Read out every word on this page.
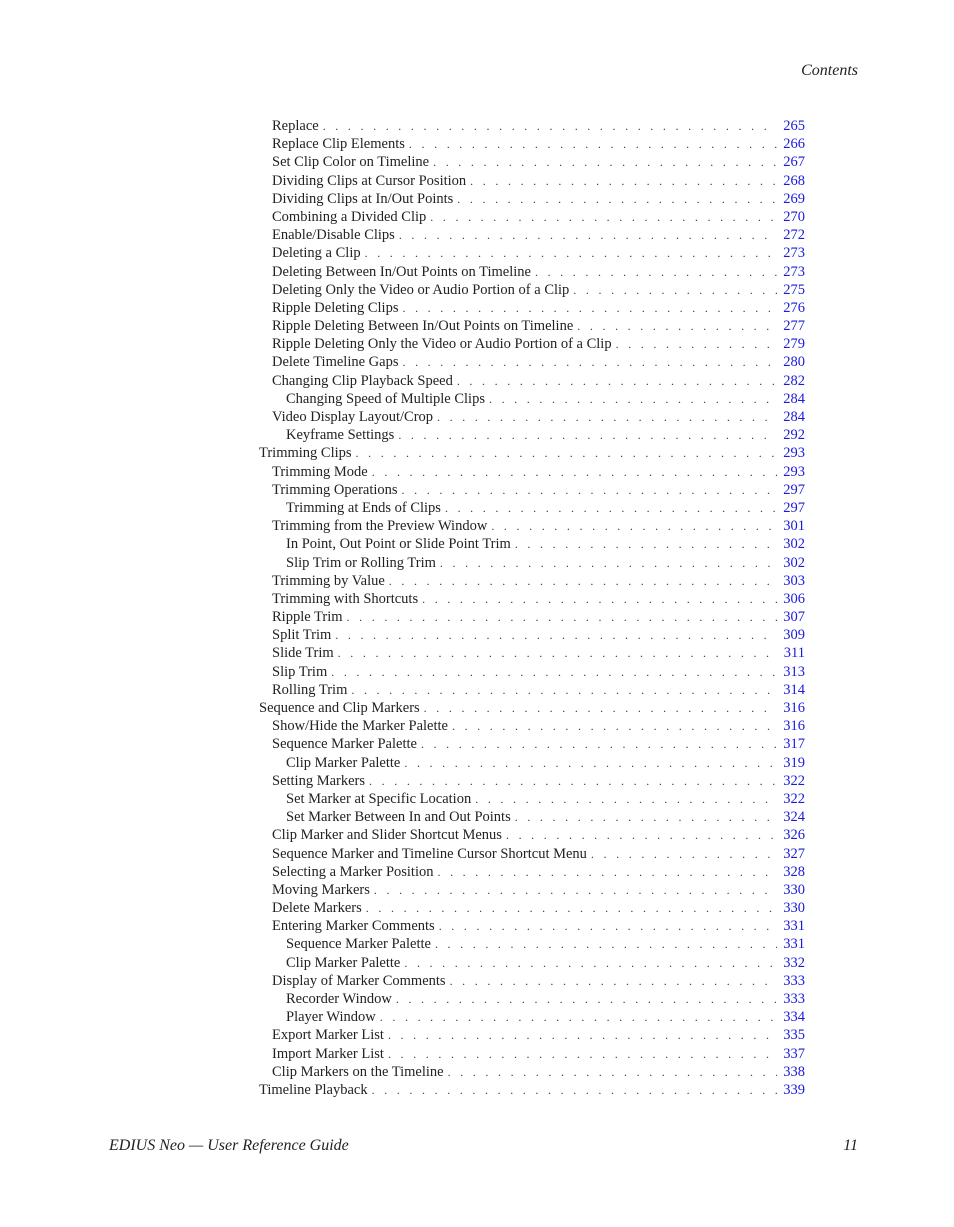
Contents
Replace . . .	265
Replace Clip Elements . . .	266
Set Clip Color on Timeline . . .	267
Dividing Clips at Cursor Position . . .	268
Dividing Clips at In/Out Points . . .	269
Combining a Divided Clip . . .	270
Enable/Disable Clips . . .	272
Deleting a Clip . . .	273
Deleting Between In/Out Points on Timeline . . .	273
Deleting Only the Video or Audio Portion of a Clip . . .	275
Ripple Deleting Clips . . .	276
Ripple Deleting Between In/Out Points on Timeline . . .	277
Ripple Deleting Only the Video or Audio Portion of a Clip . . .	279
Delete Timeline Gaps . . .	280
Changing Clip Playback Speed . . .	282
Changing Speed of Multiple Clips . . .	284
Video Display Layout/Crop . . .	284
Keyframe Settings . . .	292
Trimming Clips . . .	293
Trimming Mode . . .	293
Trimming Operations . . .	297
Trimming at Ends of Clips . . .	297
Trimming from the Preview Window . . .	301
In Point, Out Point or Slide Point Trim . . .	302
Slip Trim or Rolling Trim . . .	302
Trimming by Value . . .	303
Trimming with Shortcuts . . .	306
Ripple Trim . . .	307
Split Trim . . .	309
Slide Trim . . .	311
Slip Trim . . .	313
Rolling Trim . . .	314
Sequence and Clip Markers . . .	316
Show/Hide the Marker Palette . . .	316
Sequence Marker Palette . . .	317
Clip Marker Palette . . .	319
Setting Markers . . .	322
Set Marker at Specific Location . . .	322
Set Marker Between In and Out Points . . .	324
Clip Marker and Slider Shortcut Menus . . .	326
Sequence Marker and Timeline Cursor Shortcut Menu . . .	327
Selecting a Marker Position . . .	328
Moving Markers . . .	330
Delete Markers . . .	330
Entering Marker Comments . . .	331
Sequence Marker Palette . . .	331
Clip Marker Palette . . .	332
Display of Marker Comments . . .	333
Recorder Window . . .	333
Player Window . . .	334
Export Marker List . . .	335
Import Marker List . . .	337
Clip Markers on the Timeline . . .	338
Timeline Playback . . .	339
EDIUS Neo — User Reference Guide	11
